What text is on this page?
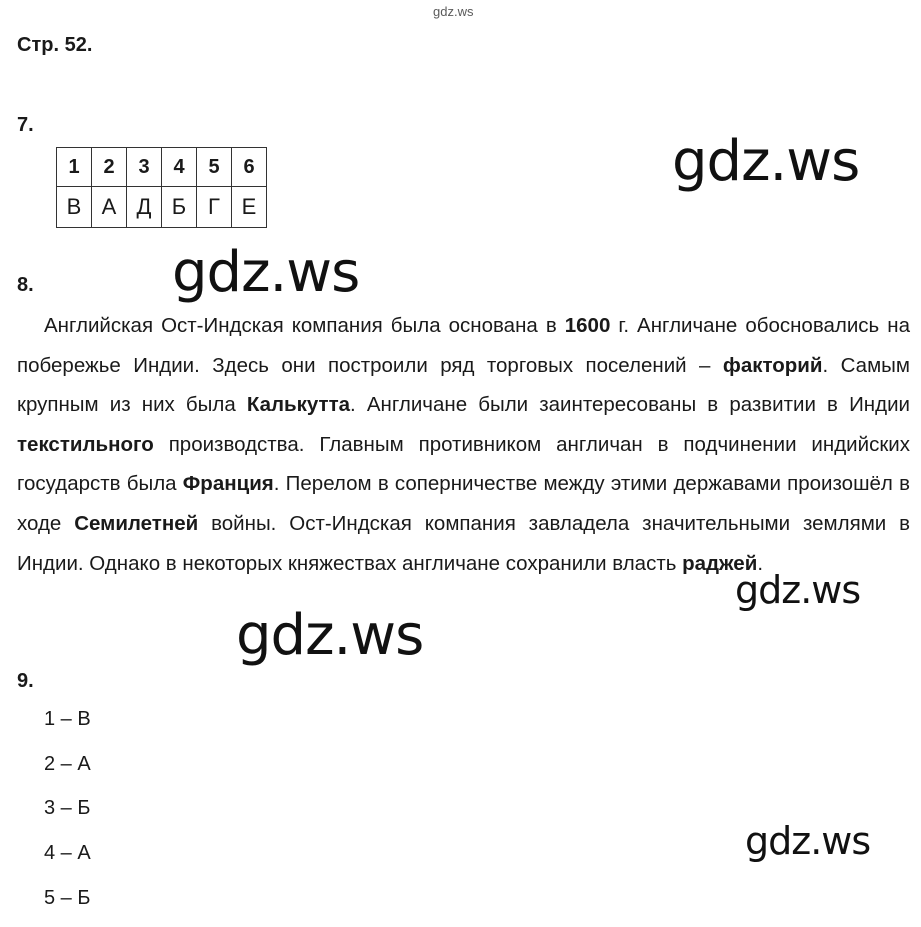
gdz.ws
Стр. 52.
7.
1	2	3	4	5	6
В	А	Д	Б	Г	Е
8.

Английская Ост-Индская компания была основана в 1600 г. Англичане обосновались на побережье Индии. Здесь они построили ряд торговых поселений – факторий. Самым крупным из них была Калькутта. Англичане были заинтересованы в развитии в Индии текстильного производства. Главным противником англичан в подчинении индийских государств была Франция. Перелом в соперничестве между этими державами произошёл в ходе Семилетней войны. Ост-Индская компания завладела значительными землями в Индии. Однако в некоторых княжествах англичане сохранили власть раджей.

9.
1 – В
2 – А
3 – Б
4 – А
5 – Б
gdz.ws
gdz.ws
gdz.ws
gdz.ws
gdz.ws
